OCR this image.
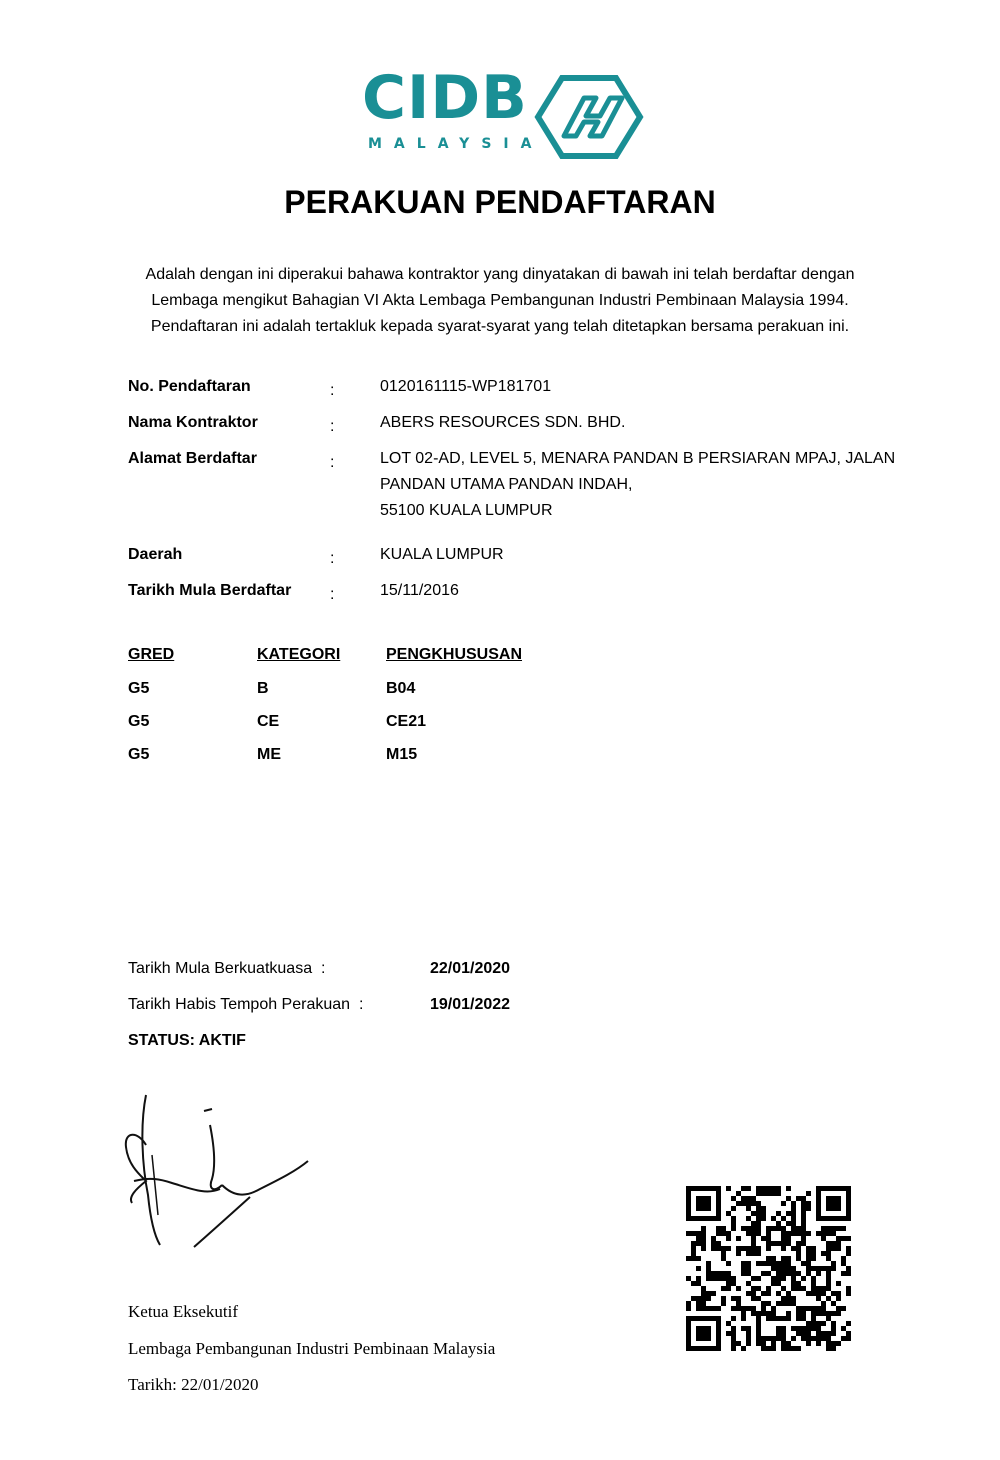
CIDB
MALAYSIA
PERAKUAN PENDAFTARAN
Adalah dengan ini diperakui bahawa kontraktor yang dinyatakan di bawah ini telah berdaftar dengan
Lembaga mengikut Bahagian VI Akta Lembaga Pembangunan Industri Pembinaan Malaysia 1994.
Pendaftaran ini adalah tertakluk kepada syarat-syarat yang telah ditetapkan bersama perakuan ini.
No. Pendaftaran	:	0120161115-WP181701
Nama Kontraktor	:	ABERS RESOURCES SDN. BHD.
Alamat Berdaftar	:	LOT 02-AD, LEVEL 5, MENARA PANDAN B PERSIARAN MPAJ, JALAN
PANDAN UTAMA PANDAN INDAH,
55100 KUALA LUMPUR
Daerah	:	KUALA LUMPUR
Tarikh Mula Berdaftar :	15/11/2016
GRED	KATEGORI	PENGKHUSUSAN
G5	B	B04
G5	CE	CE21
G5	ME	M15
Tarikh Mula Berkuatkuasa :	22/01/2020
Tarikh Habis Tempoh Perakuan :	19/01/2022
STATUS: AKTIF
Ketua Eksekutif
Lembaga Pembangunan Industri Pembinaan Malaysia
Tarikh: 22/01/2020
